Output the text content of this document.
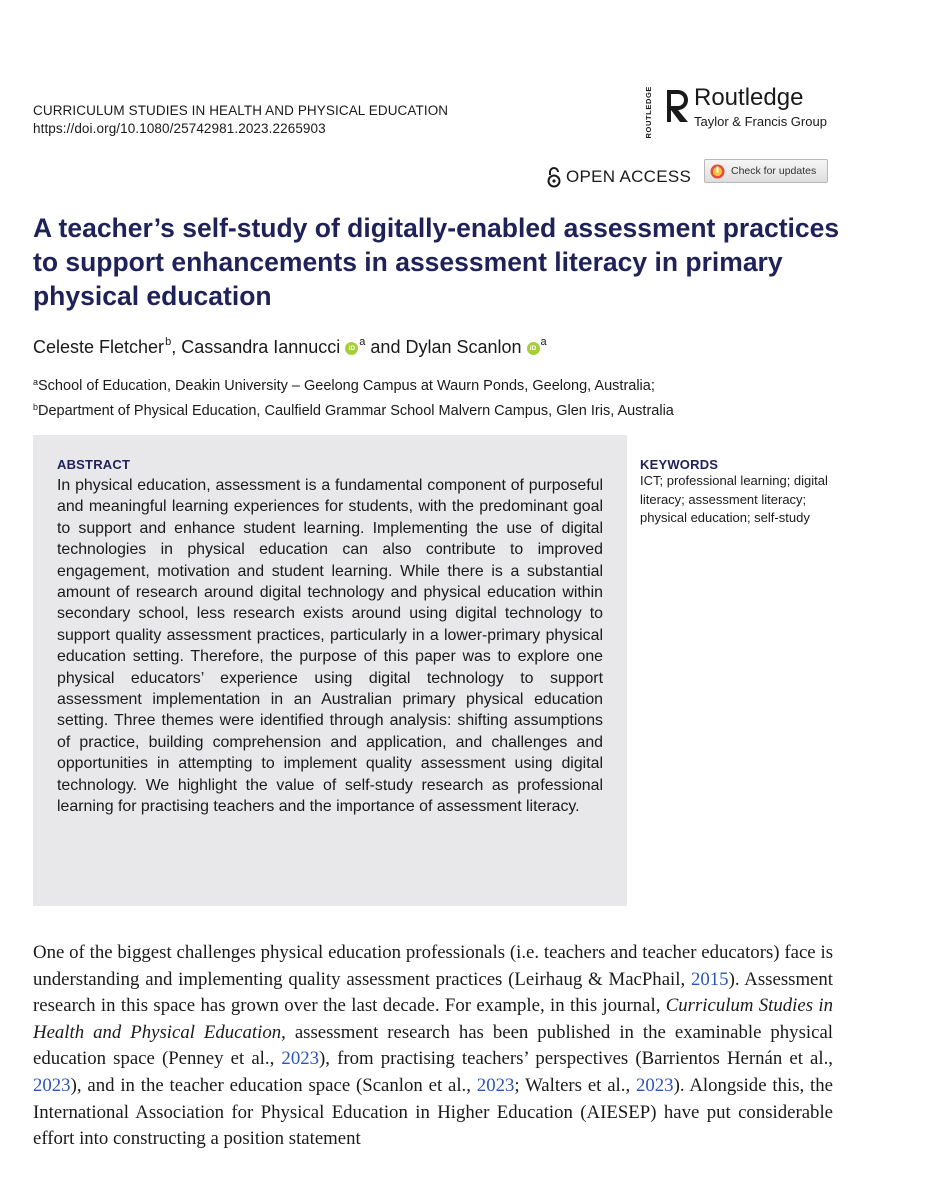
CURRICULUM STUDIES IN HEALTH AND PHYSICAL EDUCATION
https://doi.org/10.1080/25742981.2023.2265903	ROUTLEDGE Routledge
Taylor & Francis Group
OPEN ACCESS	Check for updates
A teacher’s self-study of digitally-enabled assessment practices to support enhancements in assessment literacy in primary physical education
Celeste Fletcher$^b$, Cassandra Iannucci $iD^a$ and Dylan Scanlon $iD^a$
$^a$School of Education, Deakin University – Geelong Campus at Waurn Ponds, Geelong, Australia;
$^b$Department of Physical Education, Caulfield Grammar School Malvern Campus, Glen Iris, Australia
ABSTRACT

In physical education, assessment is a fundamental component of purposeful and meaningful learning experiences for students, with the predominant goal to support and enhance student learning. Implementing the use of digital technologies in physical education can also contribute to improved engagement, motivation and student learning. While there is a substantial amount of research around digital technology and physical education within secondary school, less research exists around using digital technology to support quality assessment practices, particularly in a lower-primary physical education setting. Therefore, the purpose of this paper was to explore one physical educators’ experience using digital technology to support assessment implementation in an Australian primary physical education setting. Three themes were identified through analysis: shifting assumptions of practice, building comprehension and application, and challenges and opportunities in attempting to implement quality assessment using digital technology. We highlight the value of self-study research as professional learning for practising teachers and the importance of assessment literacy.

KEYWORDS
ICT; professional learning; digital literacy; assessment literacy; physical education; self-study

One of the biggest challenges physical education professionals (i.e. teachers and teacher educators) face is understanding and implementing quality assessment practices (Leirhaug & MacPhail, 2015). Assessment research in this space has grown over the last decade. For example, in this journal, Curriculum Studies in Health and Physical Education, assessment research has been published in the examinable physical education space (Penney et al., 2023), from practising teachers’ perspectives (Barrientos Hernán et al., 2023), and in the teacher education space (Scanlon et al., 2023; Walters et al., 2023). Alongside this, the International Association for Physical Education in Higher Education (AIESEP) have put considerable effort into constructing a position statement
